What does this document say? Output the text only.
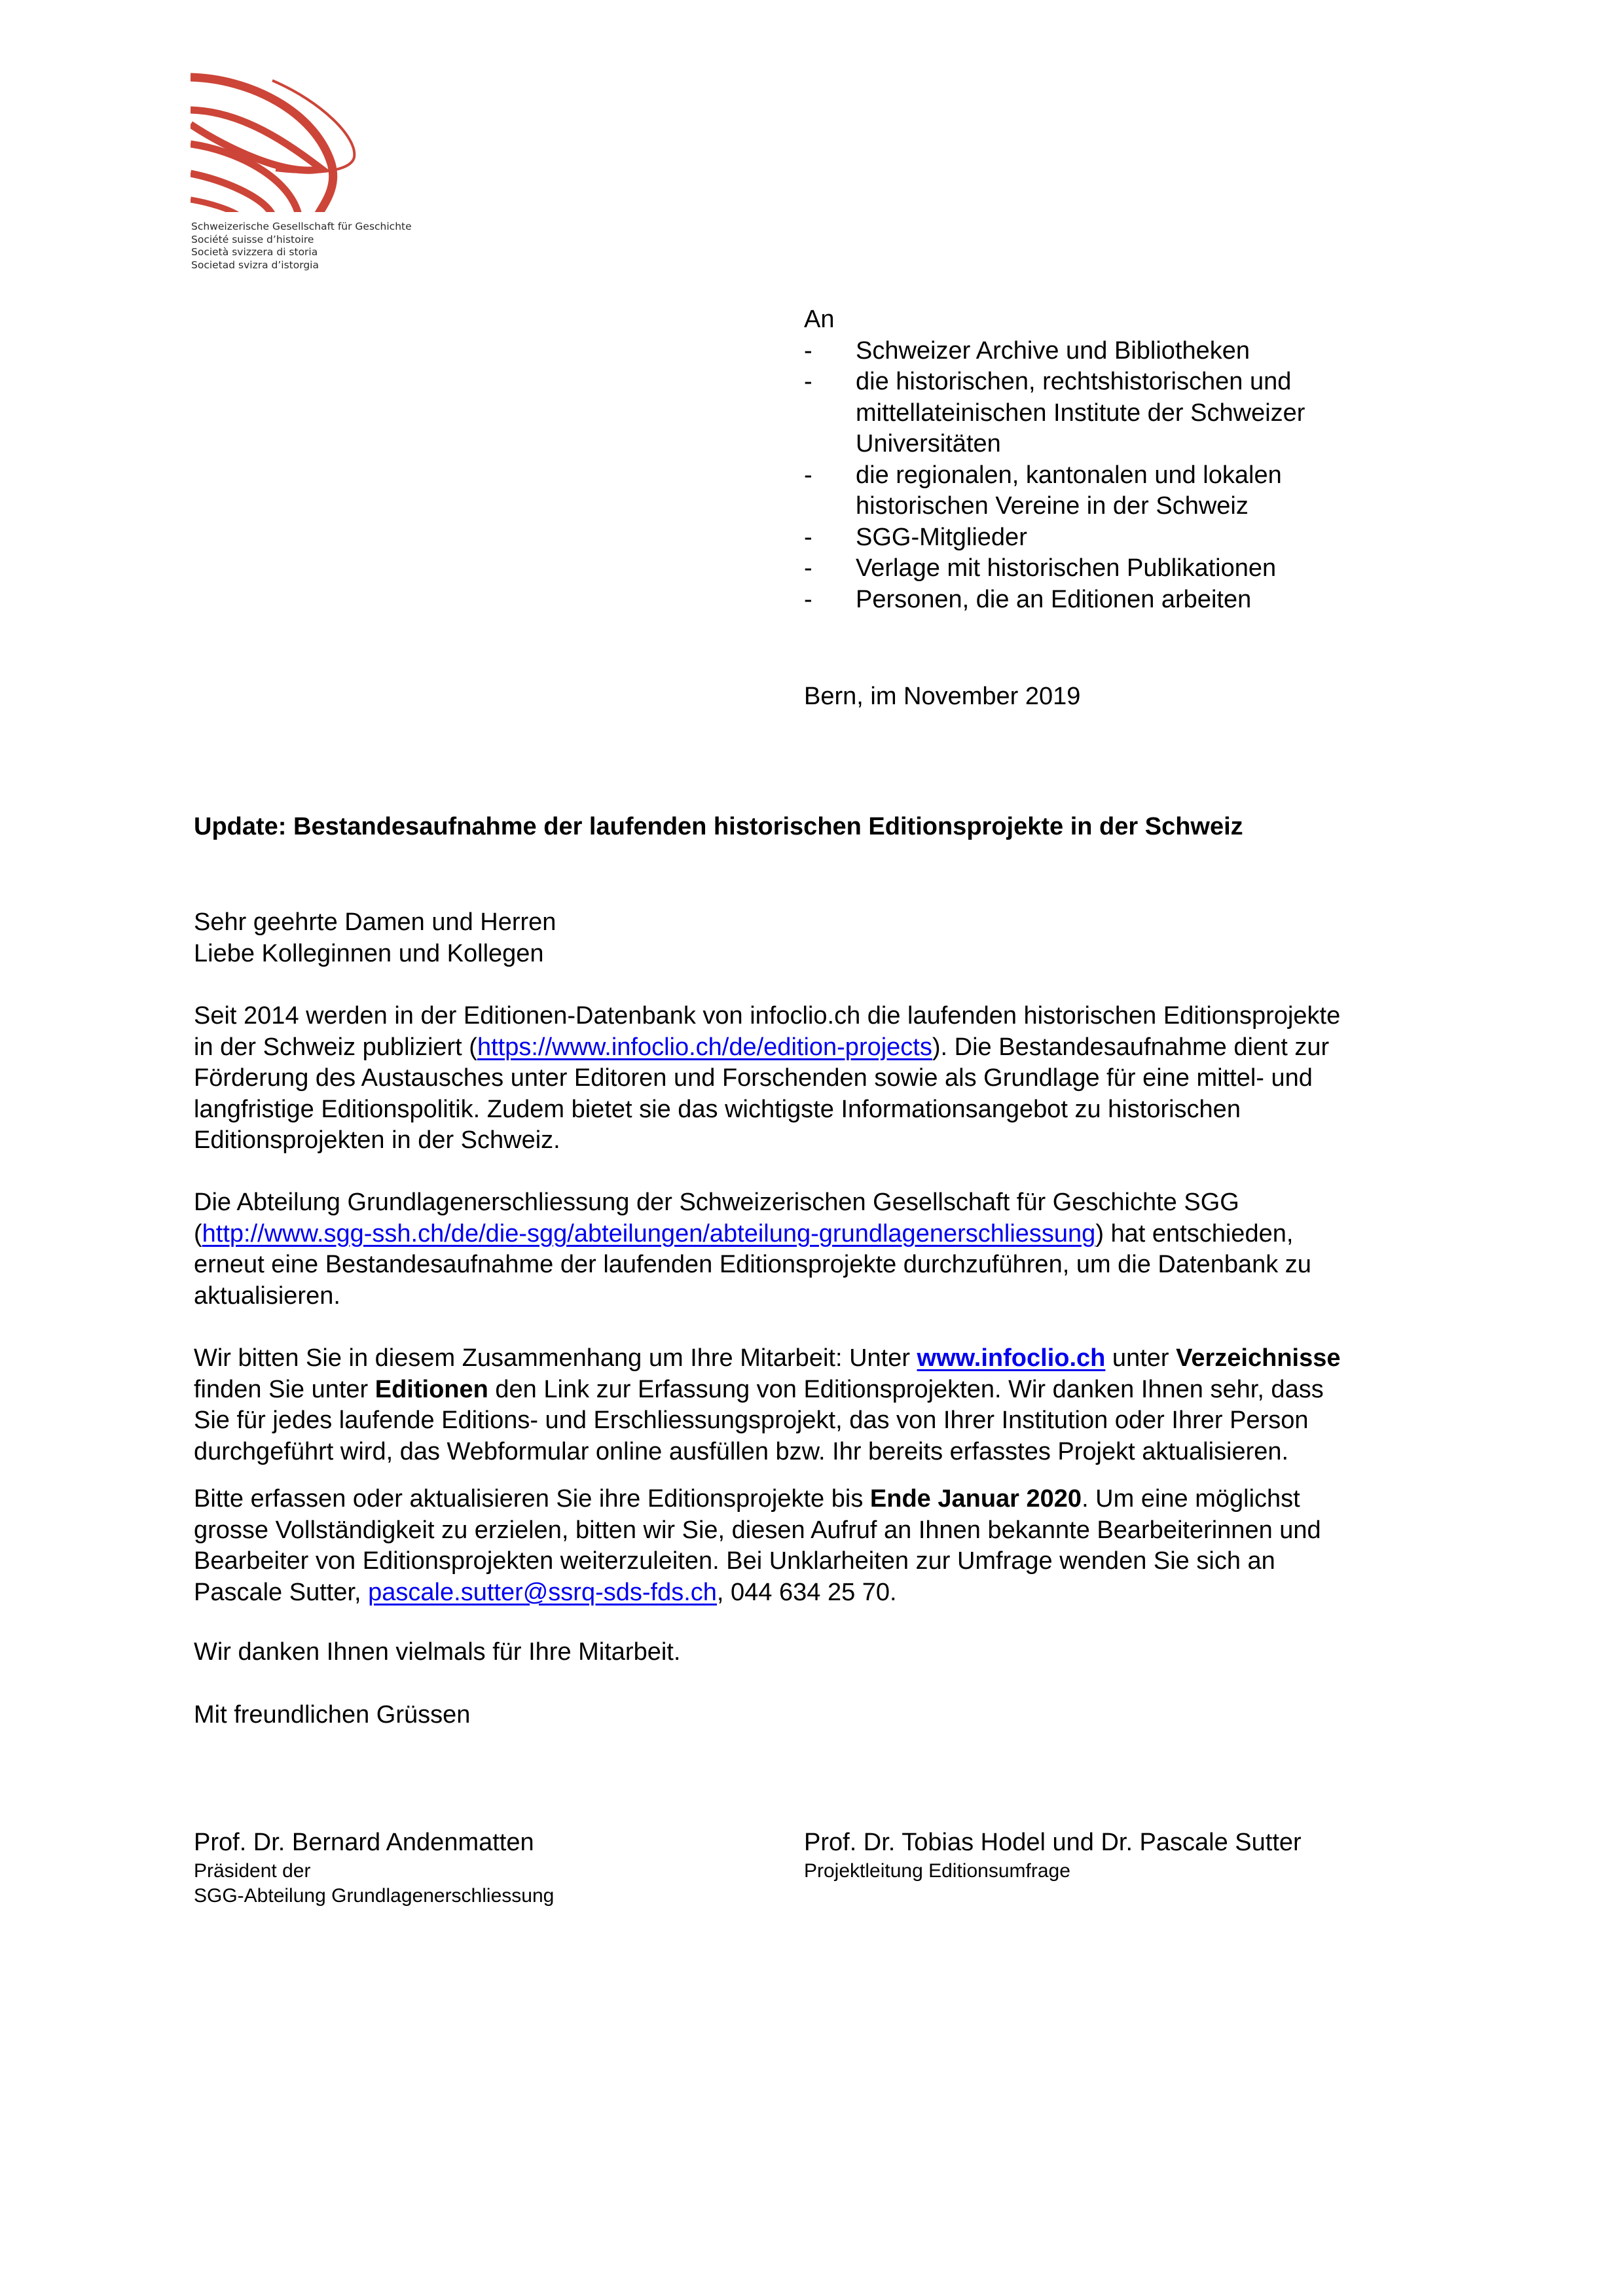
Schweizerische Gesellschaft für Geschichte
Société suisse d’histoire
Società svizzera di storia
Societad svizra d’istorgia
An
-	Schweizer Archive und Bibliotheken
-	die historischen, rechtshistorischen und
mittellateinischen Institute der Schweizer
Universitäten
-	die regionalen, kantonalen und lokalen
historischen Vereine in der Schweiz
-	SGG-Mitglieder
-	Verlage mit historischen Publikationen
-	Personen, die an Editionen arbeiten
Bern, im November 2019
Update: Bestandesaufnahme der laufenden historischen Editionsprojekte in der Schweiz
Sehr geehrte Damen und Herren
Liebe Kolleginnen und Kollegen
Seit 2014 werden in der Editionen-Datenbank von infoclio.ch die laufenden historischen Editionsprojekte
in der Schweiz publiziert (https://www.infoclio.ch/de/edition-projects). Die Bestandesaufnahme dient zur
Förderung des Austausches unter Editoren und Forschenden sowie als Grundlage für eine mittel- und
langfristige Editionspolitik. Zudem bietet sie das wichtigste Informationsangebot zu historischen
Editionsprojekten in der Schweiz.
Die Abteilung Grundlagenerschliessung der Schweizerischen Gesellschaft für Geschichte SGG
(http://www.sgg-ssh.ch/de/die-sgg/abteilungen/abteilung-grundlagenerschliessung) hat entschieden,
erneut eine Bestandesaufnahme der laufenden Editionsprojekte durchzuführen, um die Datenbank zu
aktualisieren.
Wir bitten Sie in diesem Zusammenhang um Ihre Mitarbeit: Unter www.infoclio.ch unter Verzeichnisse
finden Sie unter Editionen den Link zur Erfassung von Editionsprojekten. Wir danken Ihnen sehr, dass
Sie für jedes laufende Editions- und Erschliessungsprojekt, das von Ihrer Institution oder Ihrer Person
durchgeführt wird, das Webformular online ausfüllen bzw. Ihr bereits erfasstes Projekt aktualisieren.
Bitte erfassen oder aktualisieren Sie ihre Editionsprojekte bis Ende Januar 2020. Um eine möglichst
grosse Vollständigkeit zu erzielen, bitten wir Sie, diesen Aufruf an Ihnen bekannte Bearbeiterinnen und
Bearbeiter von Editionsprojekten weiterzuleiten. Bei Unklarheiten zur Umfrage wenden Sie sich an
Pascale Sutter, pascale.sutter@ssrq-sds-fds.ch, 044 634 25 70.
Wir danken Ihnen vielmals für Ihre Mitarbeit.
Mit freundlichen Grüssen
Prof. Dr. Bernard Andenmatten
Präsident der
SGG-Abteilung Grundlagenerschliessung
Prof. Dr. Tobias Hodel und Dr. Pascale Sutter
Projektleitung Editionsumfrage
